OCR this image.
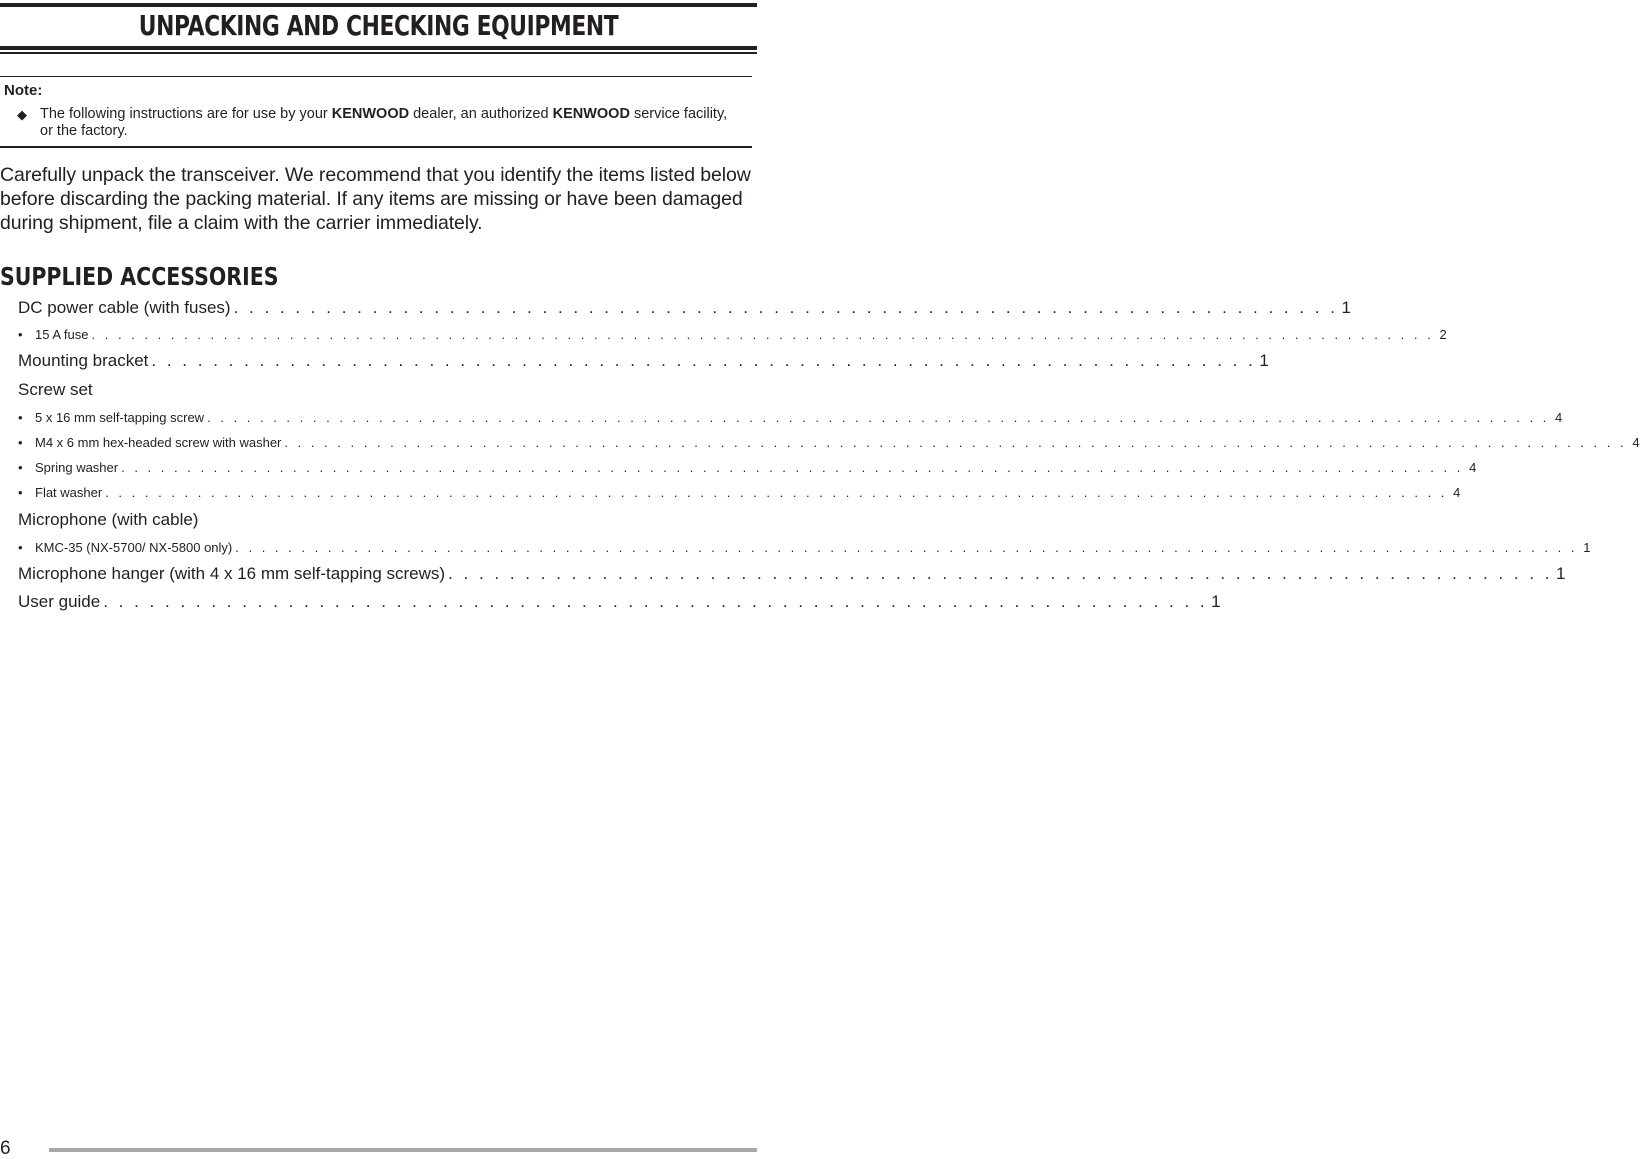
UNPACKING AND CHECKING EQUIPMENT
Note:
◆ The following instructions are for use by your KENWOOD dealer, an authorized KENWOOD service facility, or the factory.
Carefully unpack the transceiver. We recommend that you identify the items listed below before discarding the packing material. If any items are missing or have been damaged during shipment, file a claim with the carrier immediately.
SUPPLIED ACCESSORIES
DC power cable (with fuses) . . . . . . . . . . . . . . . . . . . . . . . . . . . . . . . . . . . . . . . . . . . . . . . . . . . . . . . . . . . . . . . . . . . . . . . . 1
• 15 A fuse . . . . . . . . . . . . . . . . . . . . . . . . . . . . . . . . . . . . . . . . . . . . . . . . . . . . . . . . . . . . . . . . . . . . . . . . . . . . . . . . . . . . . . . . . . . . . . . . . . . . . . 2
Mounting bracket . . . . . . . . . . . . . . . . . . . . . . . . . . . . . . . . . . . . . . . . . . . . . . . . . . . . . . . . . . . . . . . . . . . . . . . . 1
Screw set
• 5 x 16 mm self-tapping screw . . . . . . . . . . . . . . . . . . . . . . . . . . . . . . . . . . . . . . . . . . . . . . . . . . . . . . . . . . . . . . . . . . . . . . . . . . . . . . . . . . . . . . . . . . . . . . . . . . . . . . 4
• M4 x 6 mm hex-headed screw with washer . . . . . . . . . . . . . . . . . . . . . . . . . . . . . . . . . . . . . . . . . . . . . . . . . . . . . . . . . . . . . . . . . . . . . . . . . . . . . . . . . . . . . . . . . . . . . . . . . . . . . . 4
• Spring washer . . . . . . . . . . . . . . . . . . . . . . . . . . . . . . . . . . . . . . . . . . . . . . . . . . . . . . . . . . . . . . . . . . . . . . . . . . . . . . . . . . . . . . . . . . . . . . . . . . . . . . 4
• Flat washer . . . . . . . . . . . . . . . . . . . . . . . . . . . . . . . . . . . . . . . . . . . . . . . . . . . . . . . . . . . . . . . . . . . . . . . . . . . . . . . . . . . . . . . . . . . . . . . . . . . . . . 4
Microphone (with cable)
• KMC-35 (NX-5700/ NX-5800 only) . . . . . . . . . . . . . . . . . . . . . . . . . . . . . . . . . . . . . . . . . . . . . . . . . . . . . . . . . . . . . . . . . . . . . . . . . . . . . . . . . . . . . . . . . . . . . . . . . . . . . . 1
Microphone hanger (with 4 x 16 mm self-tapping screws) . . . . . . . . . . . . . . . . . . . . . . . . . . . . . . . . . . . . . . . . . . . . . . . . . . . . . . . . . . . . . . . . . . . . . . . . 1
User guide . . . . . . . . . . . . . . . . . . . . . . . . . . . . . . . . . . . . . . . . . . . . . . . . . . . . . . . . . . . . . . . . . . . . . . . . 1
6
